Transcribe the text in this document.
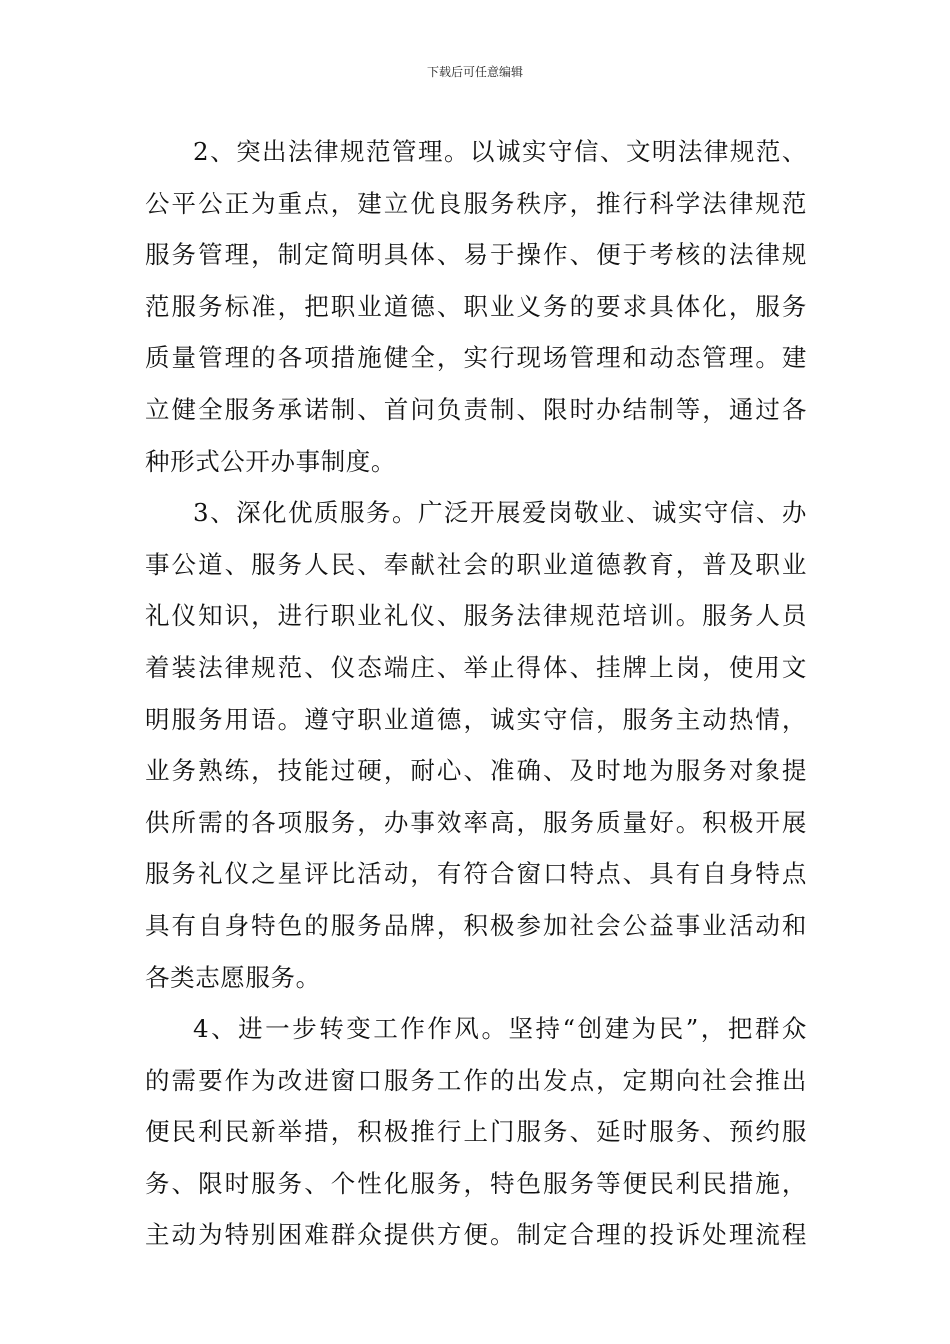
下载后可任意编辑
2、突出法律规范管理。以诚实守信、文明法律规范、
公平公正为重点，建立优良服务秩序，推行科学法律规范
服务管理，制定简明具体、易于操作、便于考核的法律规
范服务标准，把职业道德、职业义务的要求具体化，服务
质量管理的各项措施健全，实行现场管理和动态管理。建
立健全服务承诺制、首问负责制、限时办结制等，通过各
种形式公开办事制度。
3、深化优质服务。广泛开展爱岗敬业、诚实守信、办
事公道、服务人民、奉献社会的职业道德教育，普及职业
礼仪知识，进行职业礼仪、服务法律规范培训。服务人员
着装法律规范、仪态端庄、举止得体、挂牌上岗，使用文
明服务用语。遵守职业道德，诚实守信，服务主动热情，
业务熟练，技能过硬，耐心、准确、及时地为服务对象提
供所需的各项服务，办事效率高，服务质量好。积极开展
服务礼仪之星评比活动，有符合窗口特点、具有自身特点
具有自身特色的服务品牌，积极参加社会公益事业活动和
各类志愿服务。
4、进一步转变工作作风。坚持“创建为民”，把群众
的需要作为改进窗口服务工作的出发点，定期向社会推出
便民利民新举措，积极推行上门服务、延时服务、预约服
务、限时服务、个性化服务，特色服务等便民利民措施，
主动为特别困难群众提供方便。制定合理的投诉处理流程
